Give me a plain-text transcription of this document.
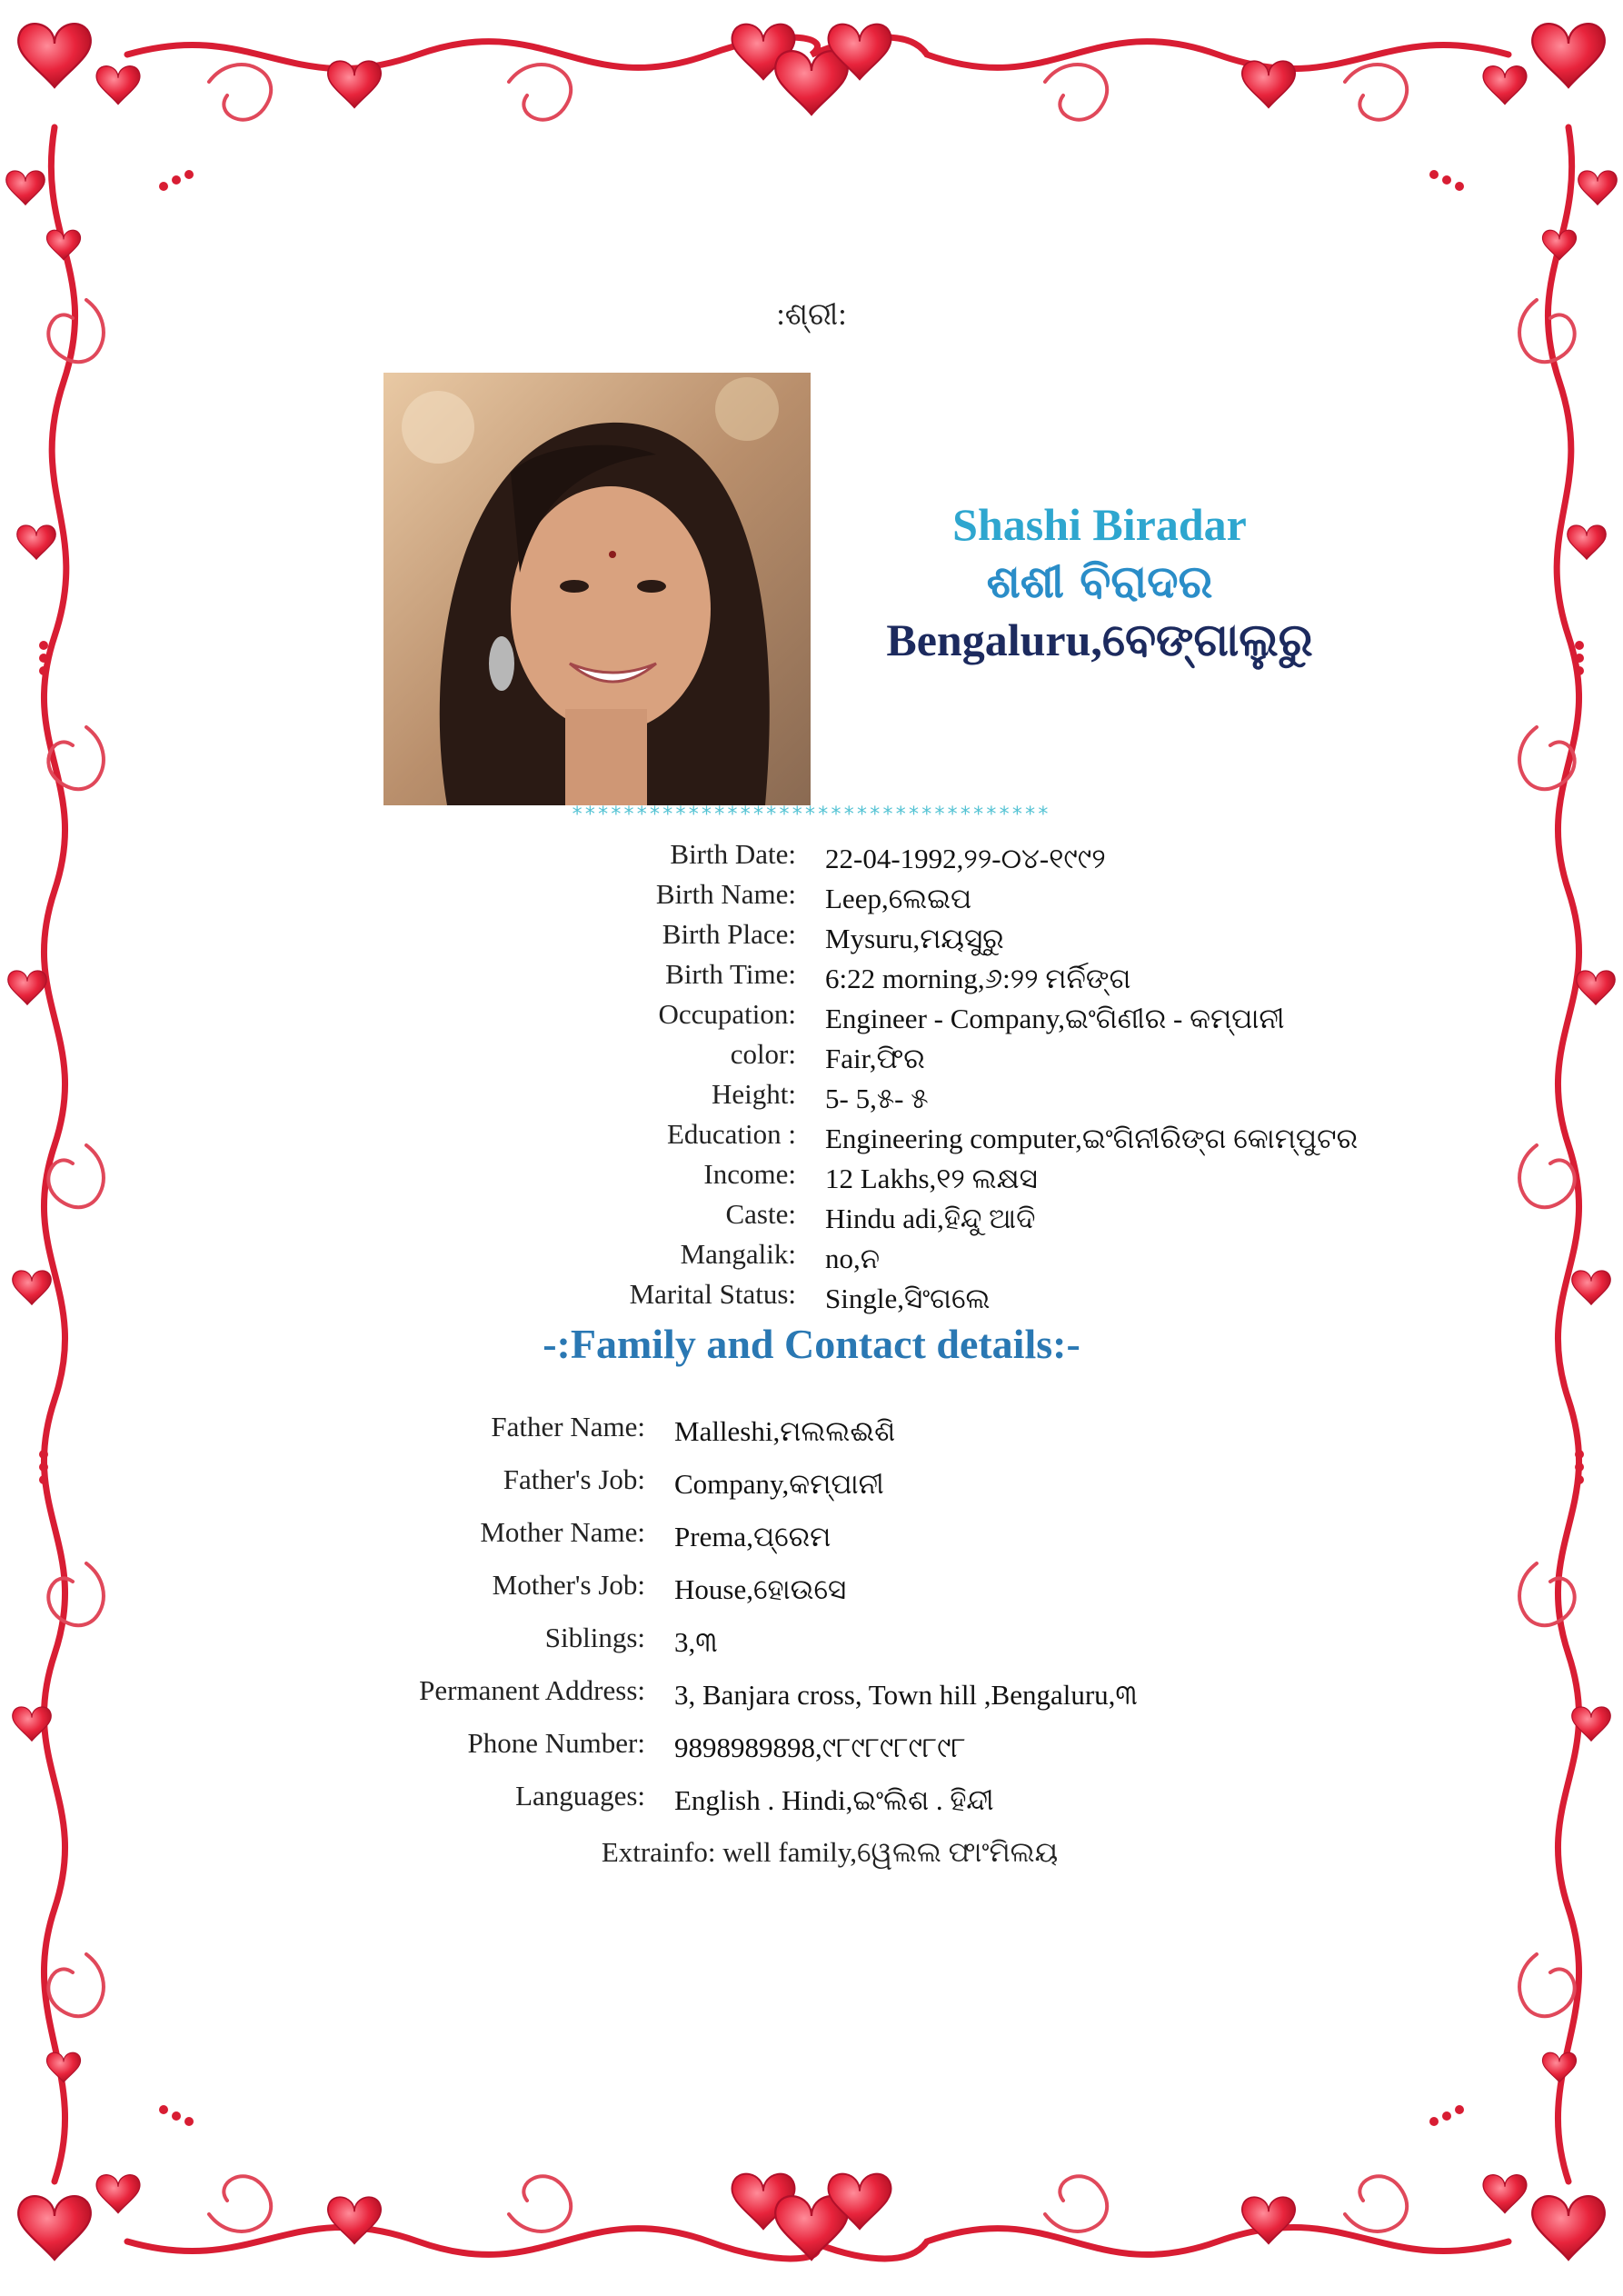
:ଶ୍ରୀ:
Shashi Biradar
ଶଶୀ ବିରାଦର
Bengaluru,ବେଙ୍ଗାଲୁରୁ
*************************************
Birth Date: 22-04-1992,୨୨-୦୪-୧୯୯୨
Birth Name: Leep,ଲେଇପ
Birth Place: Mysuru,ମୟସୁରୁ
Birth Time: 6:22 morning,୬:୨୨ ମର୍ନିଙ୍ଗ
Occupation: Engineer - Company,ଇଂଗିଣୀର - କମ୍ପାନୀ
color: Fair,ଫିର
Height: 5- 5,୫- ୫
Education : Engineering computer,ଇଂଗିନୀରିଙ୍ଗ କୋମ୍ପୁଟର
Income: 12 Lakhs,୧୨ ଲକ୍ଷସ
Caste: Hindu adi,ହିନ୍ଦୁ ଆଦି
Mangalik: no,ନ
Marital Status: Single,ସିଂଗଲେ
-:Family and Contact details:-
Father Name: Malleshi,ମଲଲଈଶି
Father's Job: Company,କମ୍ପାନୀ
Mother Name: Prema,ପ୍ରେମ
Mother's Job: House,ହୋଉସେ
Siblings: 3,୩
Permanent Address: 3, Banjara cross, Town hill ,Bengaluru,୩
Phone Number: 9898989898,୯୮୯୮୯୮୯୮୯୮
Languages: English . Hindi,ଇଂଲିଶ . ହିନ୍ଦୀ
Extrainfo: well family,ୱେଲଲ ଫାଂମିଲୟ
